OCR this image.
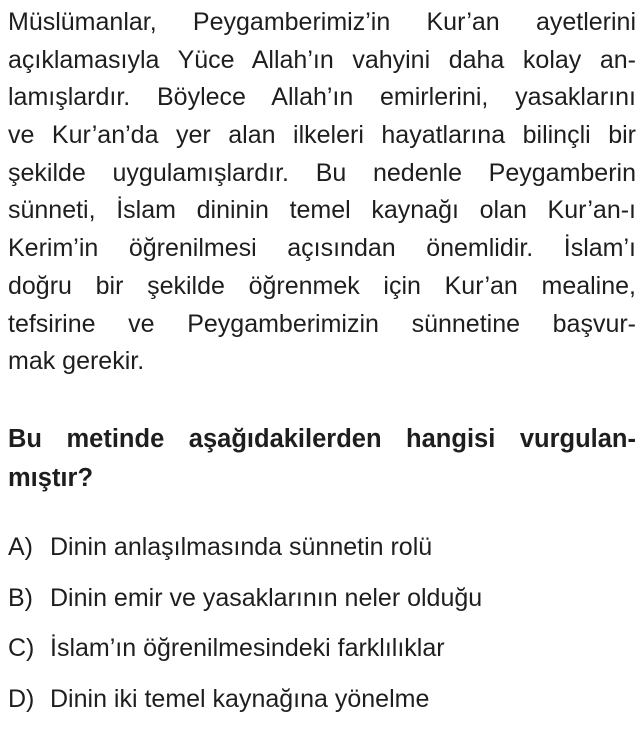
Müslümanlar, Peygamberimiz’in Kur’an ayetlerini
açıklamasıyla Yüce Allah’ın vahyini daha kolay an-
lamışlardır. Böylece Allah’ın emirlerini, yasaklarını
ve Kur’an’da yer alan ilkeleri hayatlarına bilinçli bir
şekilde uygulamışlardır. Bu nedenle Peygamberin
sünneti, İslam dininin temel kaynağı olan Kur’an-ı
Kerim’in öğrenilmesi açısından önemlidir. İslam’ı
doğru bir şekilde öğrenmek için Kur’an mealine,
tefsirine ve Peygamberimizin sünnetine başvur-
mak gerekir.
Bu metinde aşağıdakilerden hangisi vurgulan-
mıştır?
A) Dinin anlaşılmasında sünnetin rolü
B) Dinin emir ve yasaklarının neler olduğu
C) İslam’ın öğrenilmesindeki farklılıklar
D) Dinin iki temel kaynağına yönelme
